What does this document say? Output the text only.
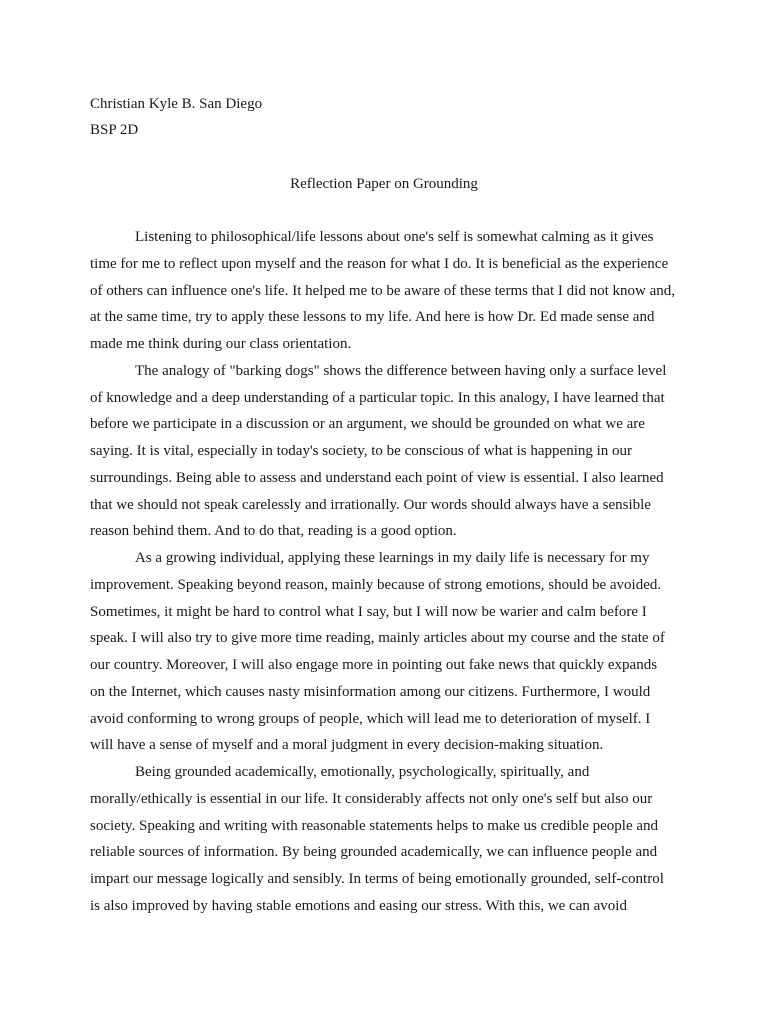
Christian Kyle B. San Diego
BSP 2D
Reflection Paper on Grounding
Listening to philosophical/life lessons about one's self is somewhat calming as it gives
time for me to reflect upon myself and the reason for what I do. It is beneficial as the experience
of others can influence one's life. It helped me to be aware of these terms that I did not know and,
at the same time, try to apply these lessons to my life. And here is how Dr. Ed made sense and
made me think during our class orientation.
The analogy of "barking dogs" shows the difference between having only a surface level
of knowledge and a deep understanding of a particular topic. In this analogy, I have learned that
before we participate in a discussion or an argument, we should be grounded on what we are
saying. It is vital, especially in today's society, to be conscious of what is happening in our
surroundings. Being able to assess and understand each point of view is essential. I also learned
that we should not speak carelessly and irrationally. Our words should always have a sensible
reason behind them. And to do that, reading is a good option.
As a growing individual, applying these learnings in my daily life is necessary for my
improvement. Speaking beyond reason, mainly because of strong emotions, should be avoided.
Sometimes, it might be hard to control what I say, but I will now be warier and calm before I
speak. I will also try to give more time reading, mainly articles about my course and the state of
our country. Moreover, I will also engage more in pointing out fake news that quickly expands
on the Internet, which causes nasty misinformation among our citizens. Furthermore, I would
avoid conforming to wrong groups of people, which will lead me to deterioration of myself. I
will have a sense of myself and a moral judgment in every decision-making situation.
Being grounded academically, emotionally, psychologically, spiritually, and
morally/ethically is essential in our life. It considerably affects not only one's self but also our
society. Speaking and writing with reasonable statements helps to make us credible people and
reliable sources of information. By being grounded academically, we can influence people and
impart our message logically and sensibly. In terms of being emotionally grounded, self-control
is also improved by having stable emotions and easing our stress. With this, we can avoid
